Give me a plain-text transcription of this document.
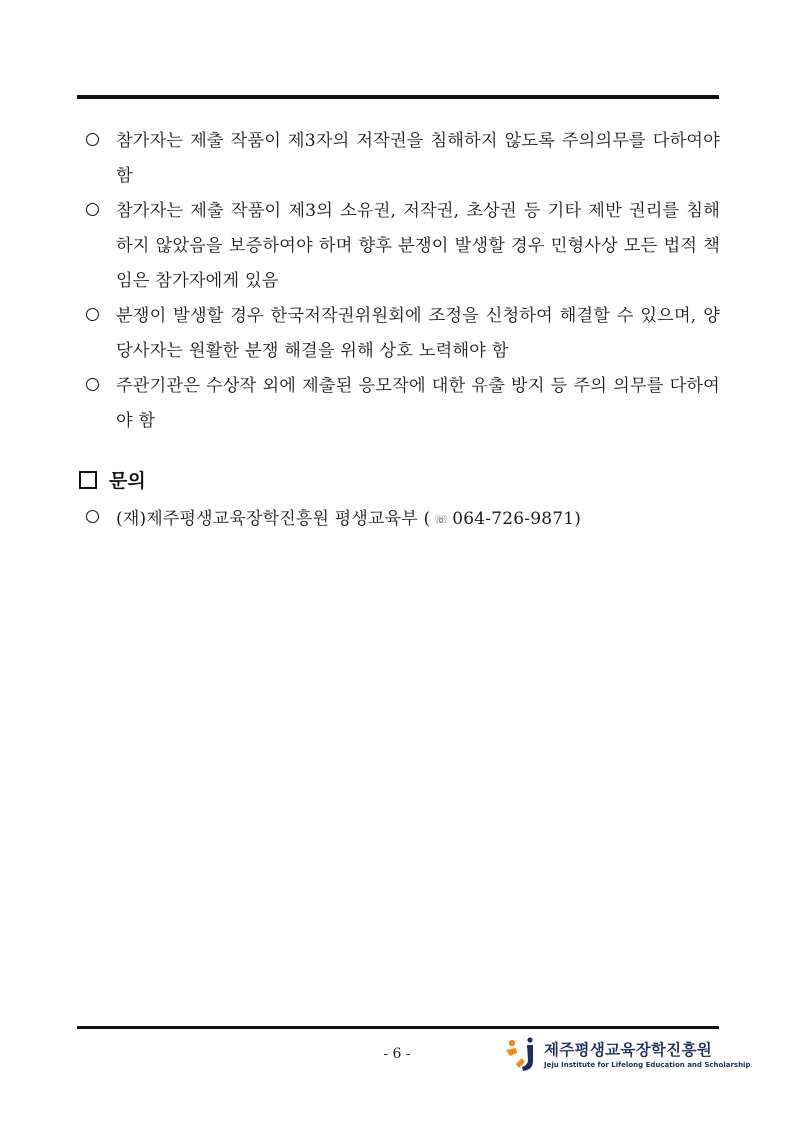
참가자는 제출 작품이 제3자의 저작권을 침해하지 않도록 주의의무를 다하여야 함
참가자는 제출 작품이 제3의 소유권, 저작권, 초상권 등 기타 제반 권리를 침해하지 않았음을 보증하여야 하며 향후 분쟁이 발생할 경우 민형사상 모든 법적 책임은 참가자에게 있음
분쟁이 발생할 경우 한국저작권위원회에 조정을 신청하여 해결할 수 있으며, 양 당사자는 원활한 분쟁 해결을 위해 상호 노력해야 함
주관기관은 수상작 외에 제출된 응모작에 대한 유출 방지 등 주의 의무를 다하여야 함
문의
(재)제주평생교육장학진흥원 평생교육부 ( ☏ 064-726-9871)
- 6 -	제주평생교육장학진흥원
Jeju Institute for Lifelong Education and Scholarship
